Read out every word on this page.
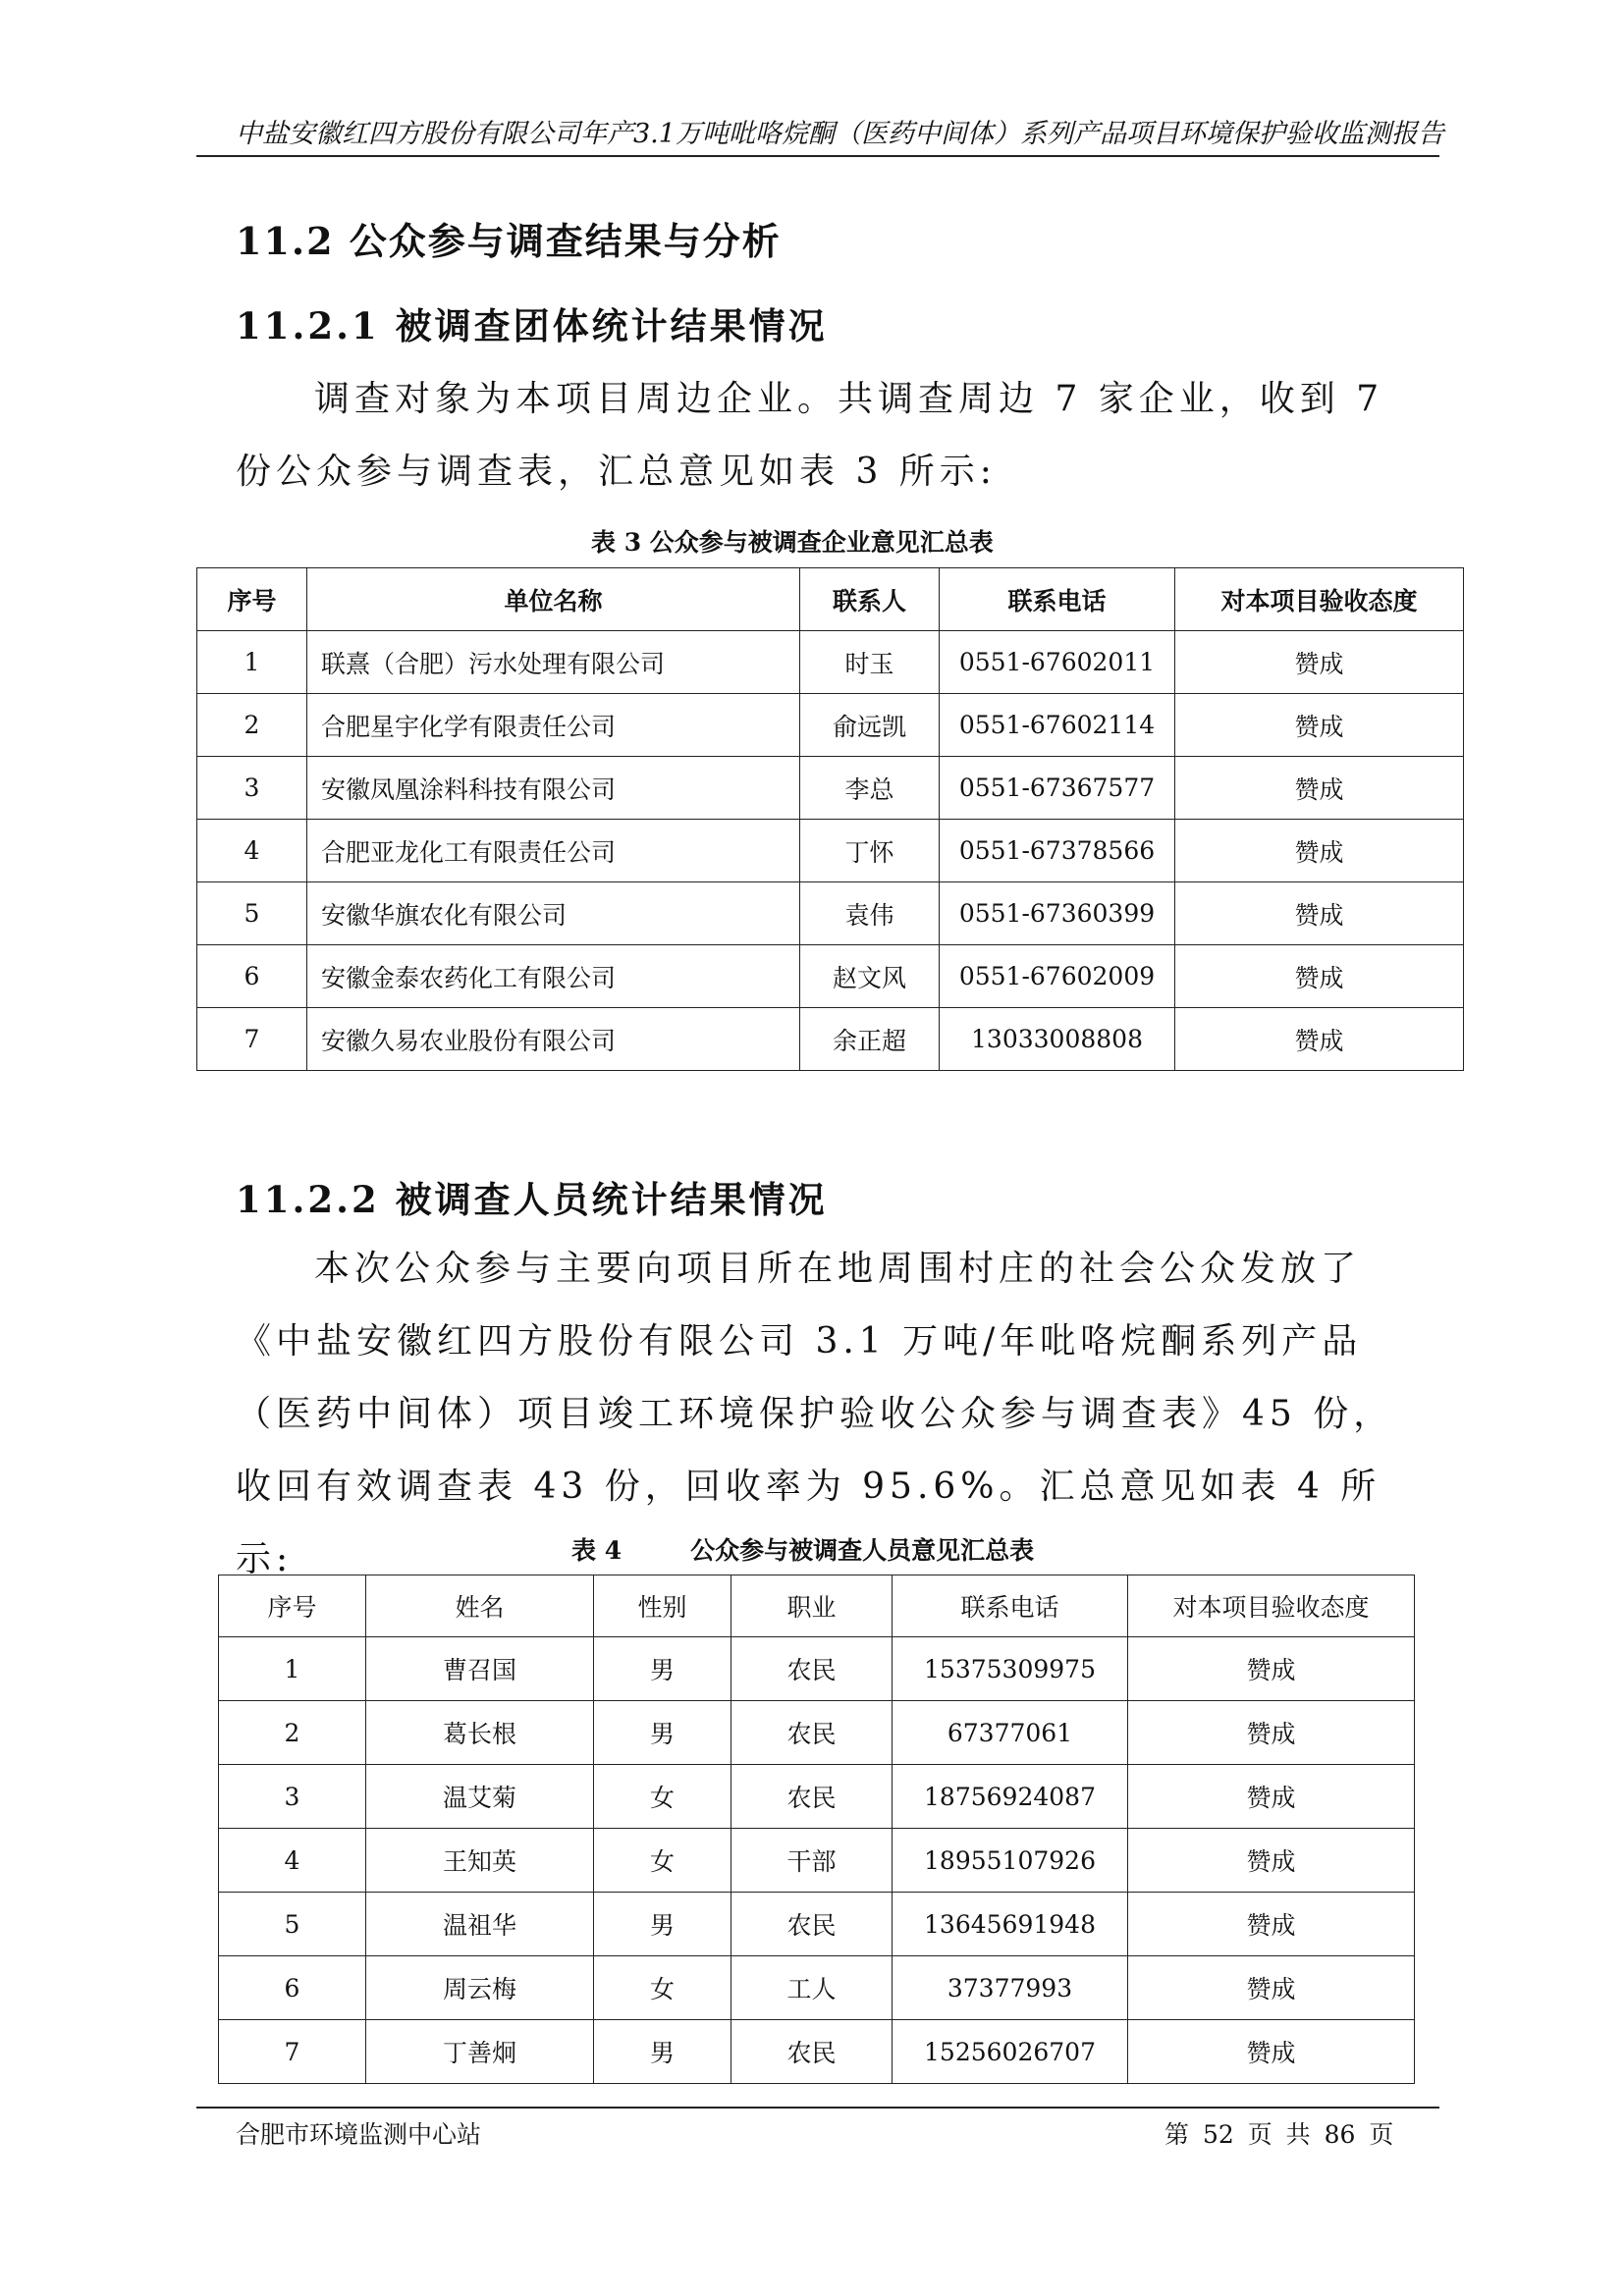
中盐安徽红四方股份有限公司年产3.1万吨吡咯烷酮（医药中间体）系列产品项目环境保护验收监测报告
11.2 公众参与调查结果与分析
11.2.1 被调查团体统计结果情况
调查对象为本项目周边企业。共调查周边 7 家企业，收到 7 份公众参与调查表，汇总意见如表 3 所示:
表 3 公众参与被调查企业意见汇总表
序号	单位名称	联系人	联系电话	对本项目验收态度
1	联熹（合肥）污水处理有限公司	时玉	0551-67602011	赞成
2	合肥星宇化学有限责任公司	俞远凯	0551-67602114	赞成
3	安徽凤凰涂料科技有限公司	李总	0551-67367577	赞成
4	合肥亚龙化工有限责任公司	丁怀	0551-67378566	赞成
5	安徽华旗农化有限公司	袁伟	0551-67360399	赞成
6	安徽金泰农药化工有限公司	赵文风	0551-67602009	赞成
7	安徽久易农业股份有限公司	余正超	13033008808	赞成
11.2.2 被调查人员统计结果情况
本次公众参与主要向项目所在地周围村庄的社会公众发放了《中盐安徽红四方股份有限公司 3.1 万吨/年吡咯烷酮系列产品（医药中间体）项目竣工环境保护验收公众参与调查表》45 份，收回有效调查表 43 份，回收率为 95.6%。汇总意见如表 4 所示:	表 4	公众参与被调查人员意见汇总表
序号	姓名	性别	职业	联系电话	对本项目验收态度
1	曹召国	男	农民	15375309975	赞成
2	葛长根	男	农民	67377061	赞成
3	温艾菊	女	农民	18756924087	赞成
4	王知英	女	干部	18955107926	赞成
5	温祖华	男	农民	13645691948	赞成
6	周云梅	女	工人	37377993	赞成
7	丁善炯	男	农民	15256026707	赞成
合肥市环境监测中心站	第 52 页 共 86 页
